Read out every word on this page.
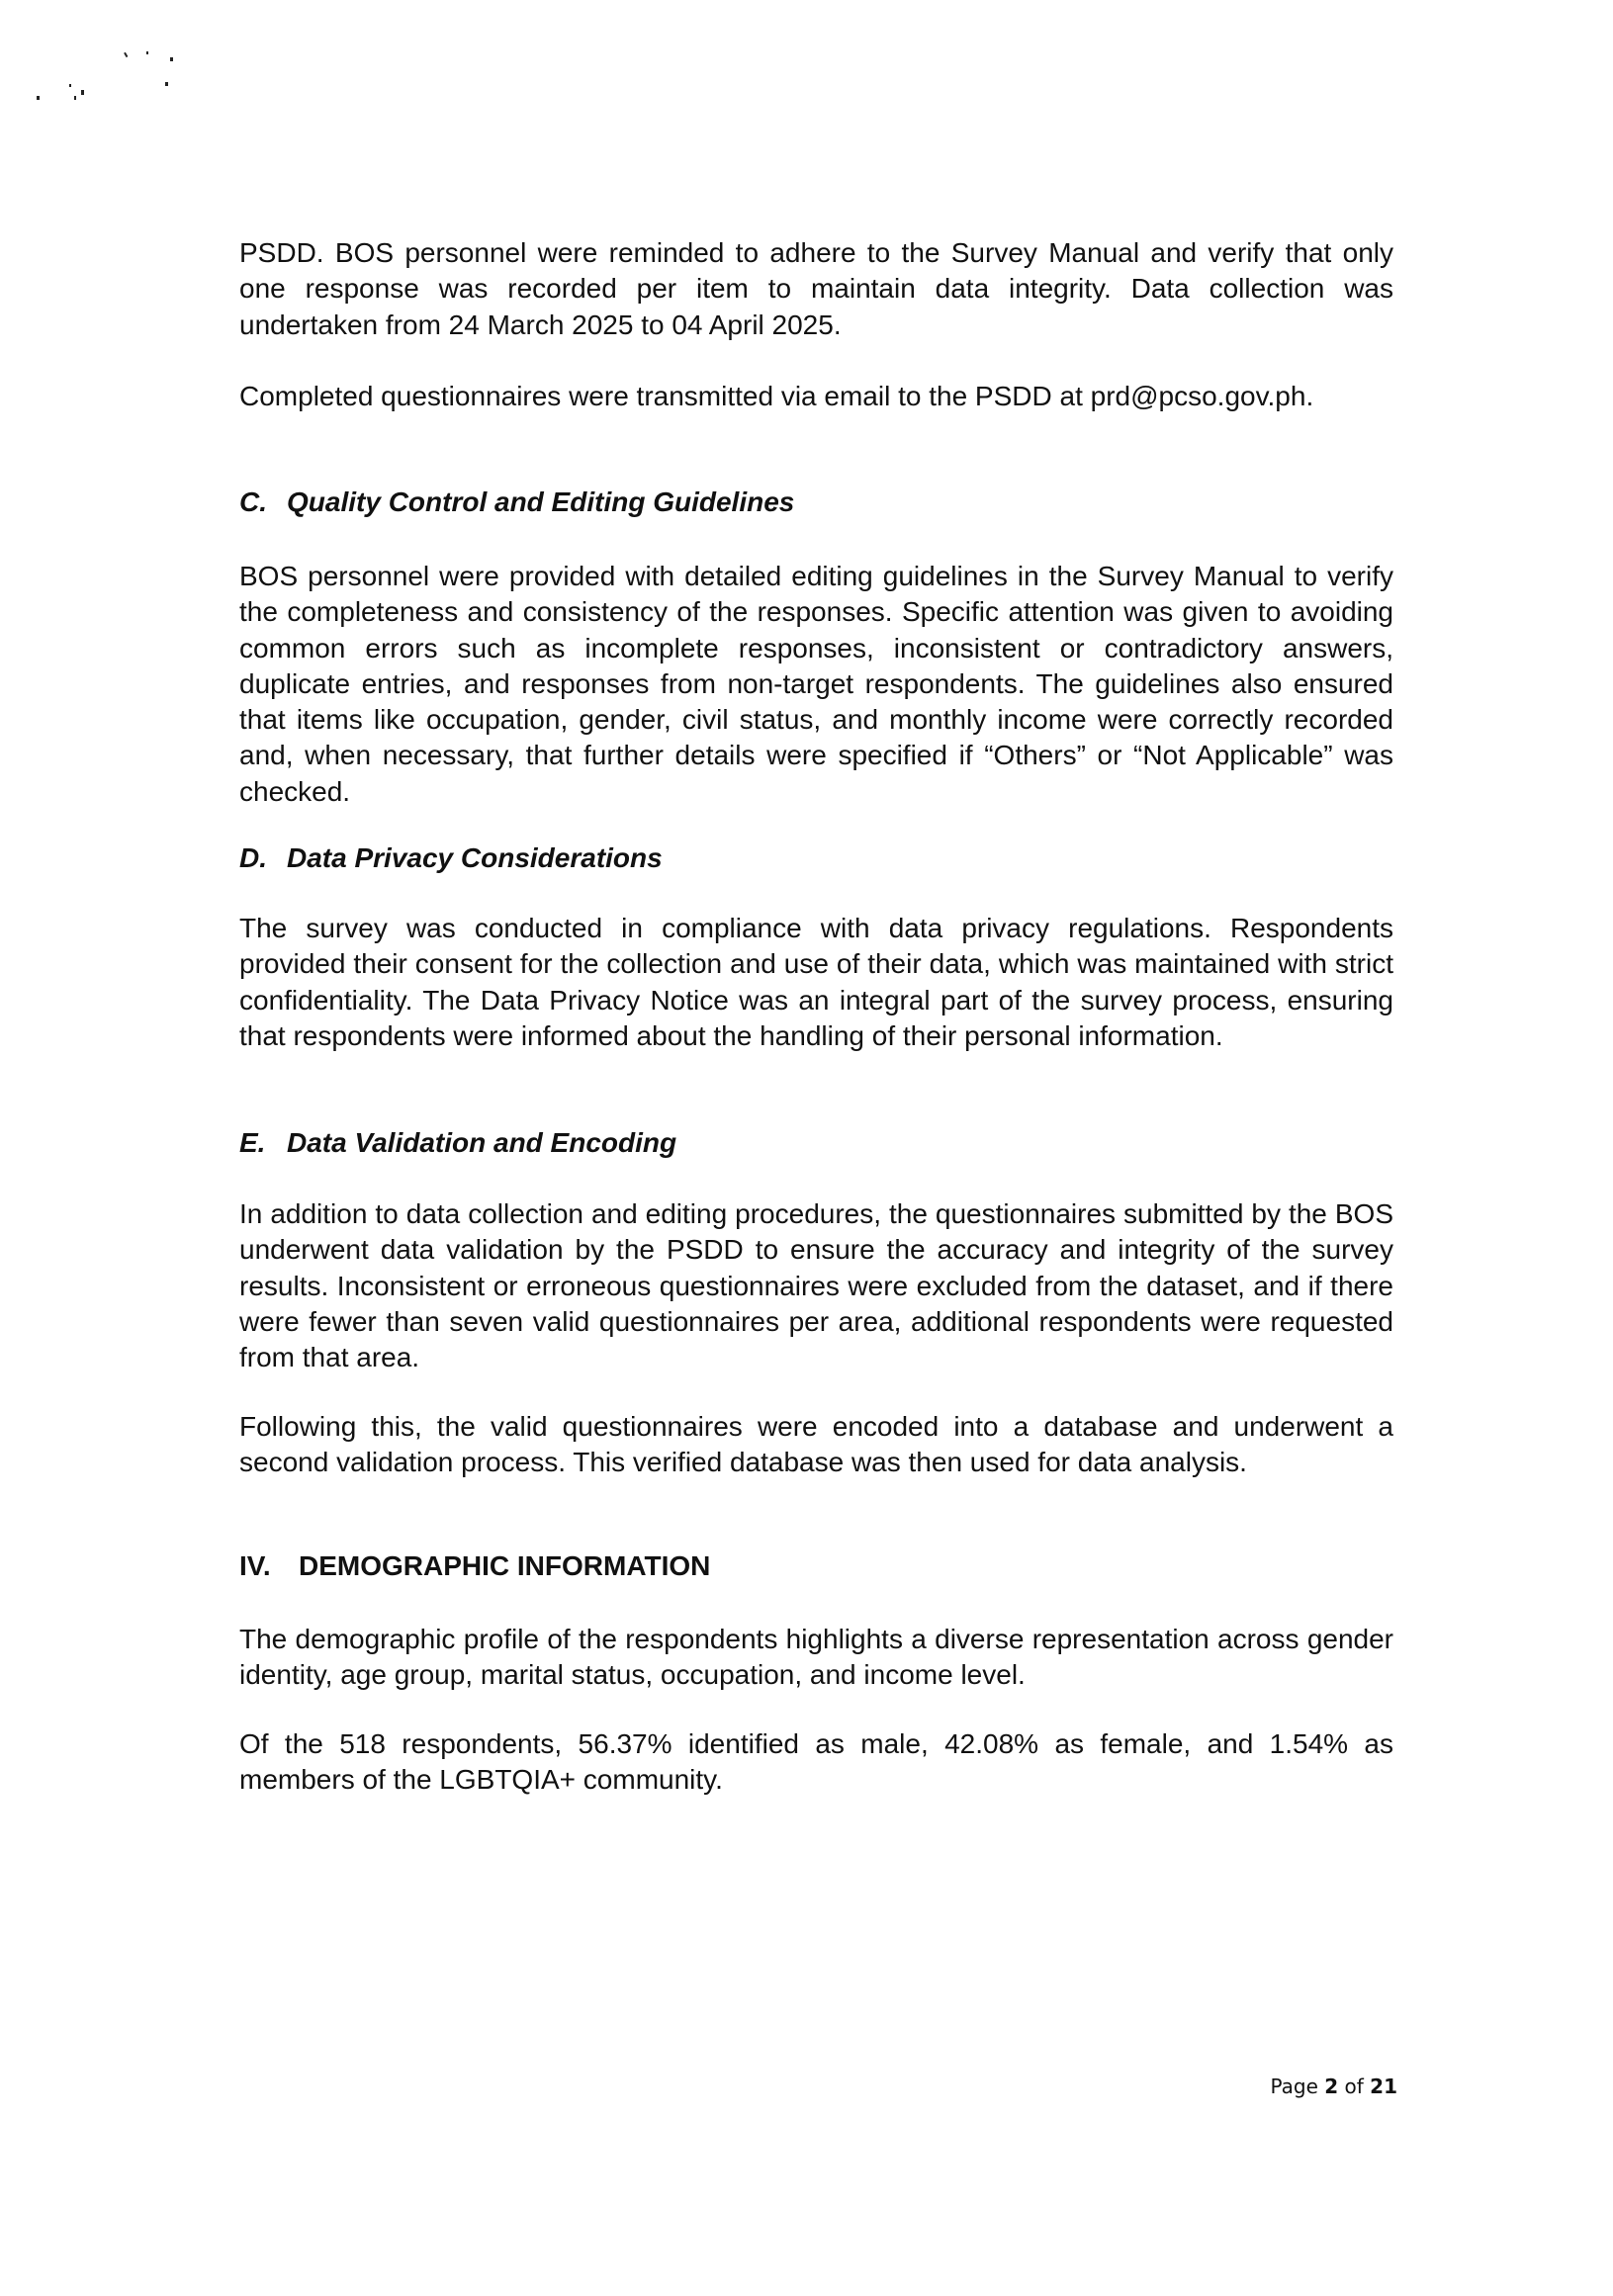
PSDD. BOS personnel were reminded to adhere to the Survey Manual and verify that only one response was recorded per item to maintain data integrity. Data collection was undertaken from 24 March 2025 to 04 April 2025.

Completed questionnaires were transmitted via email to the PSDD at prd@pcso.gov.ph.

C. Quality Control and Editing Guidelines

BOS personnel were provided with detailed editing guidelines in the Survey Manual to verify the completeness and consistency of the responses. Specific attention was given to avoiding common errors such as incomplete responses, inconsistent or contradictory answers, duplicate entries, and responses from non-target respondents. The guidelines also ensured that items like occupation, gender, civil status, and monthly income were correctly recorded and, when necessary, that further details were specified if “Others” or “Not Applicable” was checked.

D. Data Privacy Considerations

The survey was conducted in compliance with data privacy regulations. Respondents provided their consent for the collection and use of their data, which was maintained with strict confidentiality. The Data Privacy Notice was an integral part of the survey process, ensuring that respondents were informed about the handling of their personal information.

E. Data Validation and Encoding

In addition to data collection and editing procedures, the questionnaires submitted by the BOS underwent data validation by the PSDD to ensure the accuracy and integrity of the survey results. Inconsistent or erroneous questionnaires were excluded from the dataset, and if there were fewer than seven valid questionnaires per area, additional respondents were requested from that area.

Following this, the valid questionnaires were encoded into a database and underwent a second validation process. This verified database was then used for data analysis.

IV. DEMOGRAPHIC INFORMATION

The demographic profile of the respondents highlights a diverse representation across gender identity, age group, marital status, occupation, and income level.

Of the 518 respondents, 56.37% identified as male, 42.08% as female, and 1.54% as members of the LGBTQIA+ community.

Page 2 of 21
